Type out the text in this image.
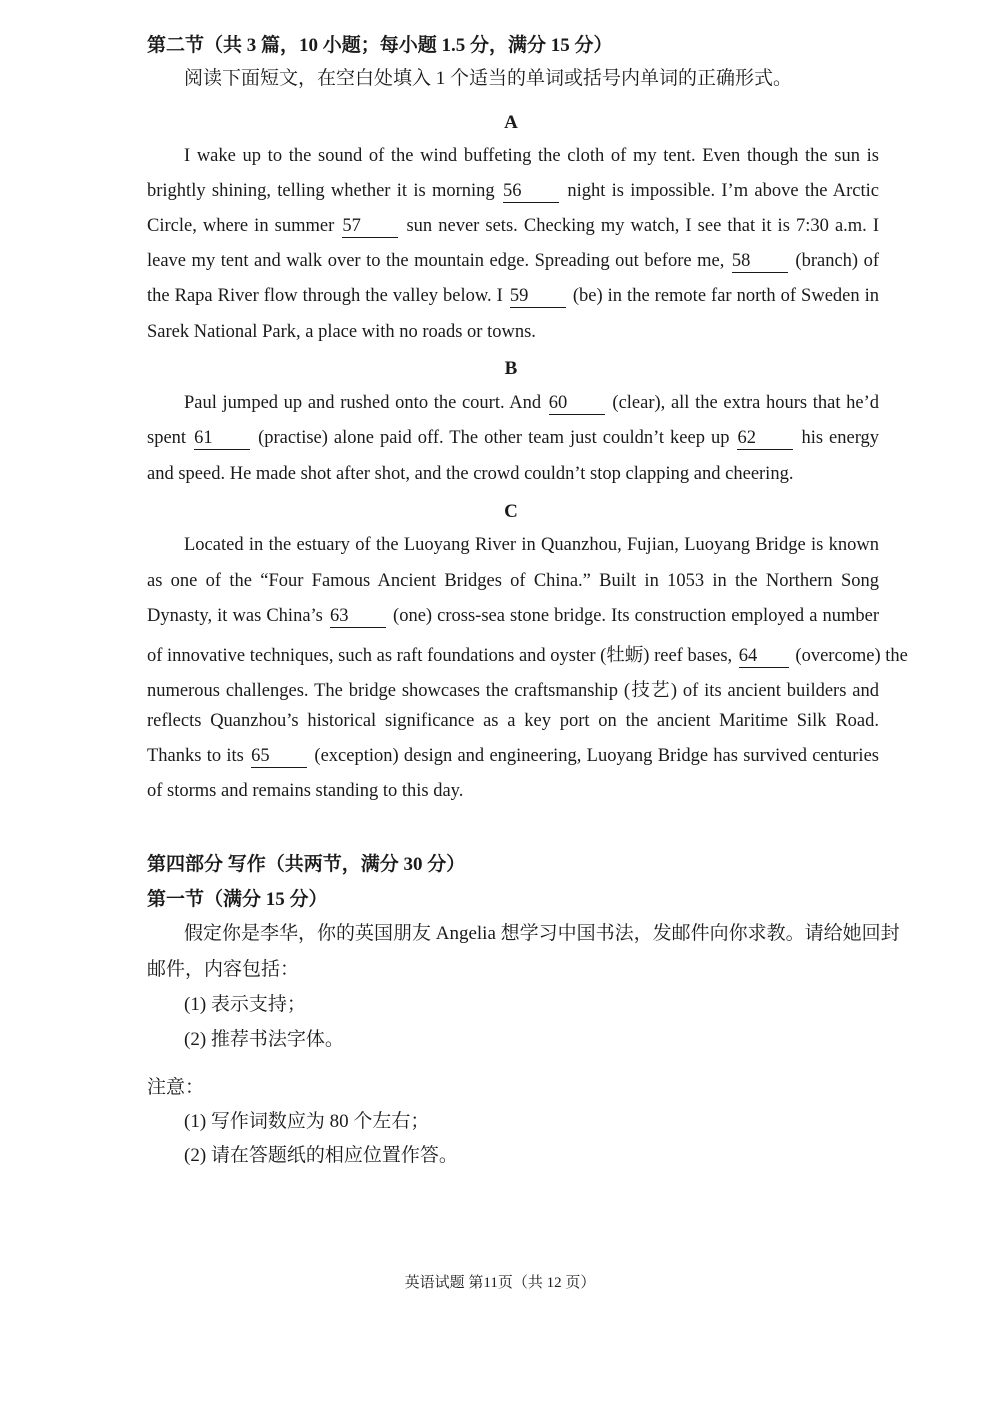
第二节（共 3 篇，10 小题；每小题 1.5 分，满分 15 分）
阅读下面短文，在空白处填入 1 个适当的单词或括号内单词的正确形式。
A
I wake up to the sound of the wind buffeting the cloth of my tent. Even though the sun is
brightly shining, telling whether it is morning 56 night is impossible. I’m above the Arctic
Circle, where in summer 57 sun never sets. Checking my watch, I see that it is 7:30 a.m. I
leave my tent and walk over to the mountain edge. Spreading out before me, 58 (branch) of
the Rapa River flow through the valley below. I 59 (be) in the remote far north of Sweden in
Sarek National Park, a place with no roads or towns.
B
Paul jumped up and rushed onto the court. And 60 (clear), all the extra hours that he’d
spent 61 (practise) alone paid off. The other team just couldn’t keep up 62 his energy
and speed. He made shot after shot, and the crowd couldn’t stop clapping and cheering.
C
Located in the estuary of the Luoyang River in Quanzhou, Fujian, Luoyang Bridge is known
as one of the “Four Famous Ancient Bridges of China.” Built in 1053 in the Northern Song
Dynasty, it was China’s 63 (one) cross-sea stone bridge. Its construction employed a number
of innovative techniques, such as raft foundations and oyster (牡蛎) reef bases, 64 (overcome) the
numerous challenges. The bridge showcases the craftsmanship (技艺) of its ancient builders and
reflects Quanzhou’s historical significance as a key port on the ancient Maritime Silk Road.
Thanks to its 65 (exception) design and engineering, Luoyang Bridge has survived centuries
of storms and remains standing to this day.
第四部分 写作（共两节，满分 30 分）
第一节（满分 15 分）
假定你是李华，你的英国朋友 Angelia 想学习中国书法，发邮件向你求教。请给她回封
邮件，内容包括：
(1) 表示支持；
(2) 推荐书法字体。
注意：
(1) 写作词数应为 80 个左右；
(2) 请在答题纸的相应位置作答。
英语试题 第11页（共 12 页）
